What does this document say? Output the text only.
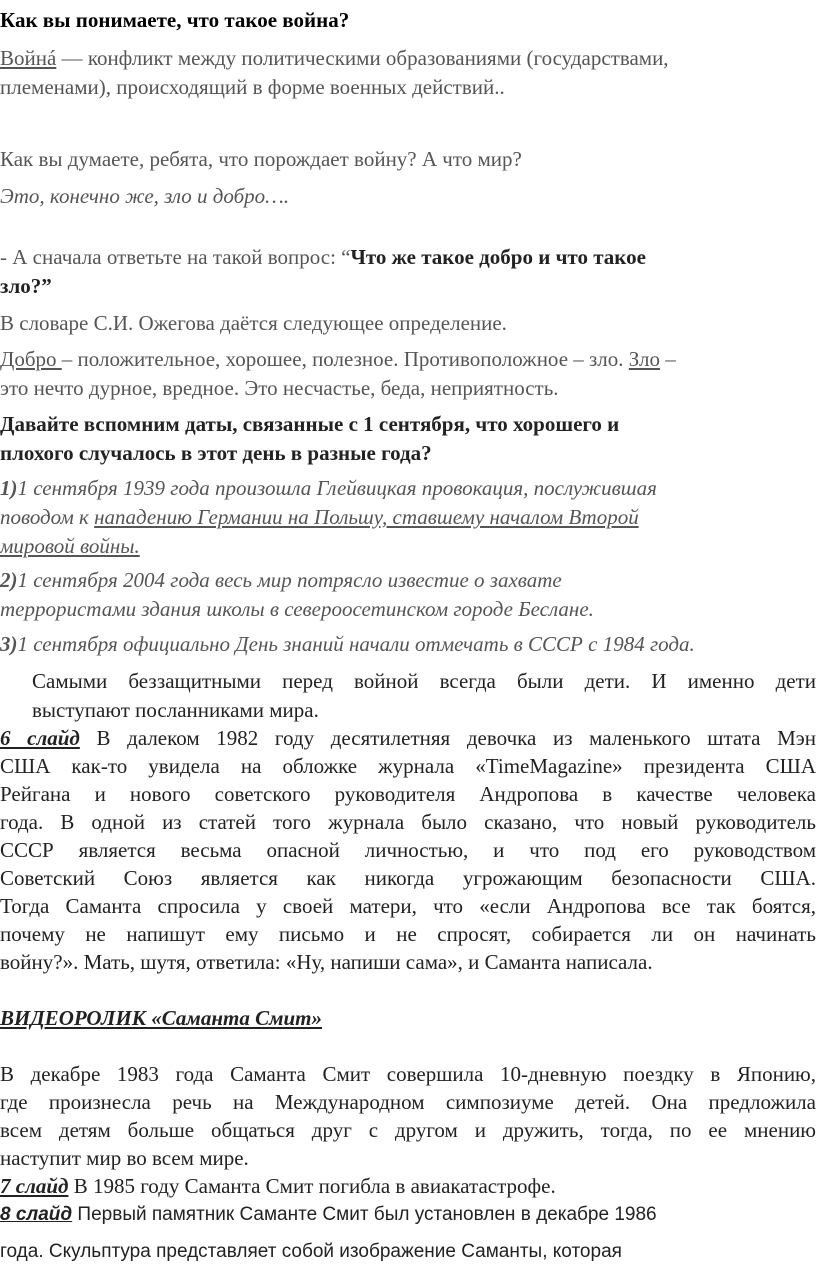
Как вы понимаете, что такое война?

Войнá — конфликт между политическими образованиями (государствами,

племенами), происходящий в форме военных действий..

Как вы думаете, ребята, что порождает войну? А что мир?

Это, конечно же, зло и добро….

- А сначала ответьте на такой вопрос: “Что же такое добро и что такое

зло?”

В словаре С.И. Ожегова даётся следующее определение.

Добро – положительное, хорошее, полезное. Противоположное – зло. Зло –

это нечто дурное, вредное. Это несчастье, беда, неприятность.

Давайте вспомним даты, связанные с 1 сентября, что хорошего и

плохого случалось в этот день в разные года?

1)1 сентября 1939 года произошла Глейвицкая провокация, послужившая

поводом к нападению Германии на Польшу, ставшему началом Второй

мировой войны.

2)1 сентября 2004 года весь мир потрясло известие о захвате

террористами здания школы в североосетинском городе Беслане.

3)1 сентября официально День знаний начали отмечать в СССР с 1984 года.

Самыми беззащитными перед войной всегда были дети. И именно дети

выступают посланниками мира.

6 слайд В далеком 1982 году десятилетняя девочка из маленького штата Мэн

США как-то увидела на обложке журнала «TimeMagazine» президента США

Рейгана и нового советского руководителя Андропова в качестве человека

года. В одной из статей того журнала было сказано, что новый руководитель

СССР является весьма опасной личностью, и что под его руководством

Советский Союз является как никогда угрожающим безопасности США.

Тогда Саманта спросила у своей матери, что «если Андропова все так боятся,

почему не напишут ему письмо и не спросят, собирается ли он начинать

войну?». Мать, шутя, ответила: «Ну, напиши сама», и Саманта написала.

ВИДЕОРОЛИК «Саманта Смит»

В декабре 1983 года Саманта Смит совершила 10-дневную поездку в Японию,

где произнесла речь на Международном симпозиуме детей. Она предложила

всем детям больше общаться друг с другом и дружить, тогда, по ее мнению

наступит мир во всем мире.

7 слайд В 1985 году Саманта Смит погибла в авиакатастрофе.

8 слайд Первый памятник Саманте Смит был установлен в декабре 1986

года. Скульптура представляет собой изображение Саманты, которая
